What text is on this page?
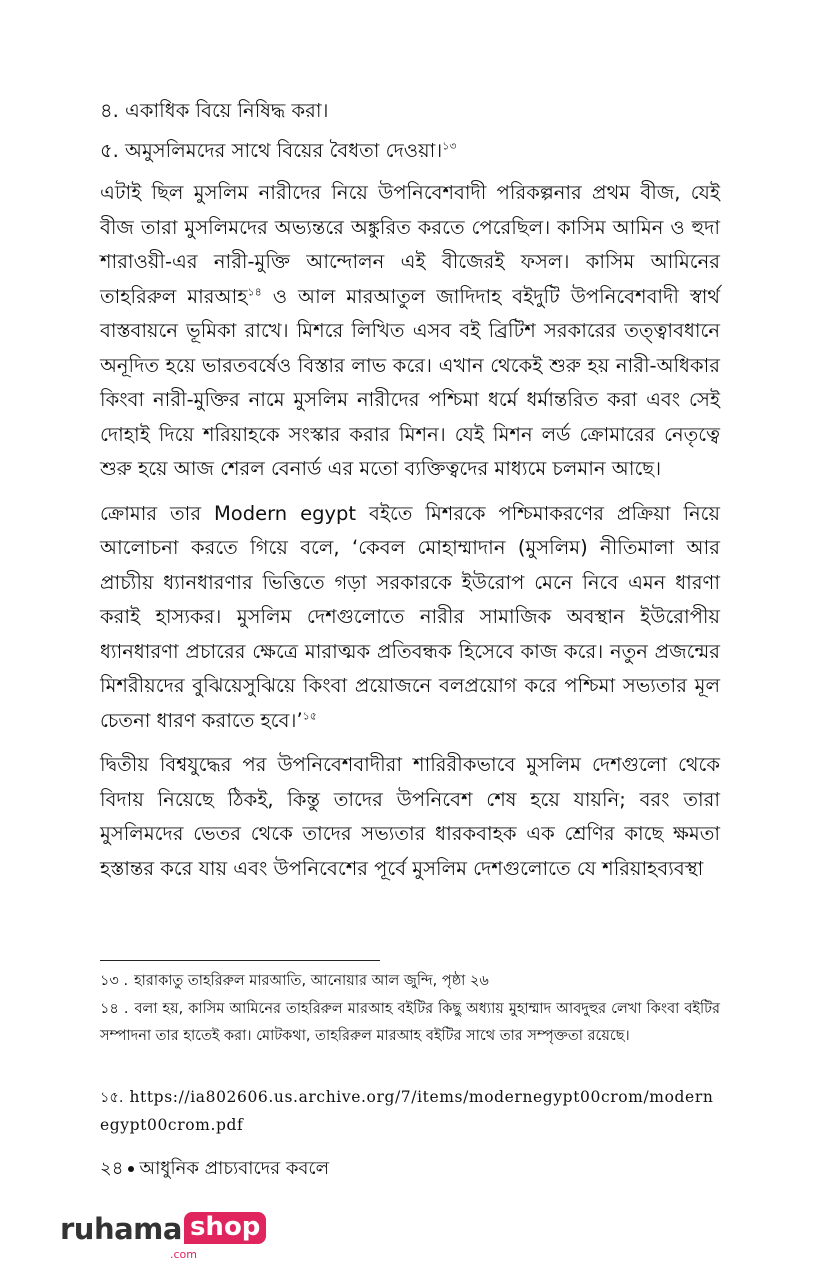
৪. একাধিক বিয়ে নিষিদ্ধ করা।
৫. অমুসলিমদের সাথে বিয়ের বৈধতা দেওয়া।$^{১৩}$

এটাই ছিল মুসলিম নারীদের নিয়ে উপনিবেশবাদী পরিকল্পনার প্রথম বীজ, যেই বীজ তারা মুসলিমদের অভ্যন্তরে অঙ্কুরিত করতে পেরেছিল। কাসিম আমিন ও হুদা শারাওয়ী-এর নারী-মুক্তি আন্দোলন এই বীজেরই ফসল। কাসিম আমিনের তাহরিরুল মারআহ$^{১৪}$ ও আল মারআতুল জাদিদাহ বইদুটি উপনিবেশবাদী স্বার্থ বাস্তবায়নে ভূমিকা রাখে। মিশরে লিখিত এসব বই ব্রিটিশ সরকারের তত্ত্বাবধানে অনূদিত হয়ে ভারতবর্ষেও বিস্তার লাভ করে। এখান থেকেই শুরু হয় নারী-অধিকার কিংবা নারী-মুক্তির নামে মুসলিম নারীদের পশ্চিমা ধর্মে ধর্মান্তরিত করা এবং সেই দোহাই দিয়ে শরিয়াহকে সংস্কার করার মিশন। যেই মিশন লর্ড ক্রোমারের নেতৃত্বে শুরু হয়ে আজ শেরল বেনার্ড এর মতো ব্যক্তিত্বদের মাধ্যমে চলমান আছে।

ক্রোমার তার Modern egypt বইতে মিশরকে পশ্চিমাকরণের প্রক্রিয়া নিয়ে আলোচনা করতে গিয়ে বলে, ‘কেবল মোহাম্মাদান (মুসলিম) নীতিমালা আর প্রাচ্যীয় ধ্যানধারণার ভিত্তিতে গড়া সরকারকে ইউরোপ মেনে নিবে এমন ধারণা করাই হাস্যকর। মুসলিম দেশগুলোতে নারীর সামাজিক অবস্থান ইউরোপীয় ধ্যানধারণা প্রচারের ক্ষেত্রে মারাত্মক প্রতিবন্ধক হিসেবে কাজ করে। নতুন প্রজন্মের মিশরীয়দের বুঝিয়েসুঝিয়ে কিংবা প্রয়োজনে বলপ্রয়োগ করে পশ্চিমা সভ্যতার মূল চেতনা ধারণ করাতে হবে।’$^{১৫}$

দ্বিতীয় বিশ্বযুদ্ধের পর উপনিবেশবাদীরা শারিরীকভাবে মুসলিম দেশগুলো থেকে বিদায় নিয়েছে ঠিকই, কিন্তু তাদের উপনিবেশ শেষ হয়ে যায়নি; বরং তারা মুসলিমদের ভেতর থেকে তাদের সভ্যতার ধারকবাহক এক শ্রেণির কাছে ক্ষমতা হস্তান্তর করে যায় এবং উপনিবেশের পূর্বে মুসলিম দেশগুলোতে যে শরিয়াহব্যবস্থা

১৩ . হারাকাতু তাহরিরুল মারআতি, আনোয়ার আল জুন্দি, পৃষ্ঠা ২৬
১৪ . বলা হয়, কাসিম আমিনের তাহরিরুল মারআহ বইটির কিছু অধ্যায় মুহাম্মাদ আবদুহুর লেখা কিংবা বইটির সম্পাদনা তার হাতেই করা। মোটকথা, তাহরিরুল মারআহ বইটির সাথে তার সম্পৃক্ততা রয়েছে।
১৫. https://ia802606.us.archive.org/7/items/modernegypt00crom/modernegypt00crom.pdf
২৪ আধুনিক প্রাচ্যবাদের কবলে
ruhama shop
.com
